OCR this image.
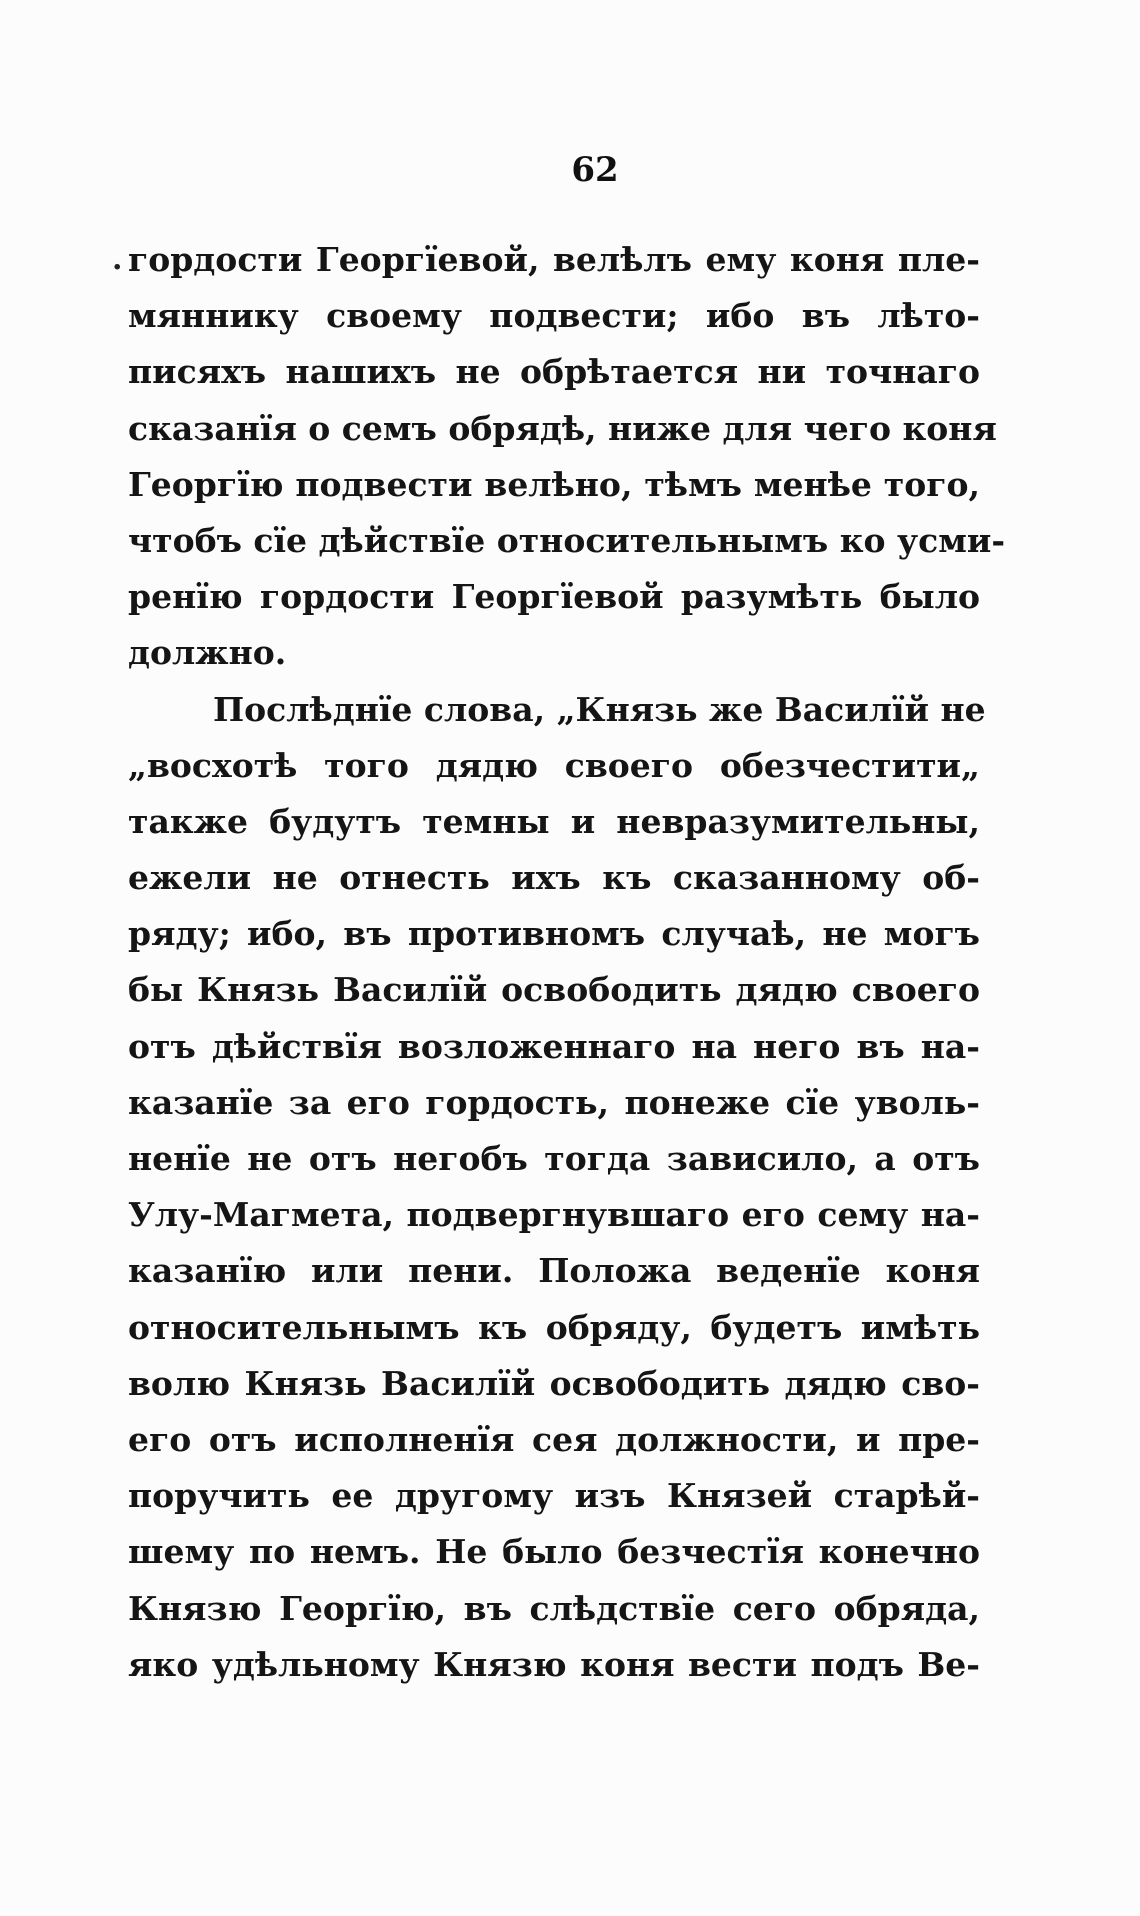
62
. гордости Георгїевой, велѣлъ ему коня пле-
мяннику своему подвести; ибо въ лѣто-
писяхъ нашихъ не обрѣтается ни точнаго
сказанїя о семъ обрядѣ, ниже для чего коня
Георгїю подвести велѣно, тѣмъ менѣе того,
чтобъ сїе дѣйствїе относительнымъ ко усми-
ренїю гордости Георгїевой разумѣть было
должно.
Послѣднїе слова, „Князь же Василїй не
„восхотѣ того дядю своего обезчестити„
также будутъ темны и невразумительны,
ежели не отнесть ихъ къ сказанному об-
ряду; ибо, въ противномъ случаѣ, не могъ
бы Князь Василїй освободить дядю своего
отъ дѣйствїя возложеннаго на него въ на-
казанїе за его гордость, понеже сїе уволь-
ненїе не отъ негобъ тогда зависило, а отъ
Улу-Магмета, подвергнувшаго его сему на-
казанїю или пени. Положа веденїе коня
относительнымъ къ обряду, будетъ имѣть
волю Князь Василїй освободить дядю сво-
его отъ исполненїя сея должности, и пре-
поручить ее другому изъ Князей старѣй-
шему по немъ. Не было безчестїя конечно
Князю Георгїю, въ слѣдствїе сего обряда,
яко удѣльному Князю коня вести подъ Ве-
